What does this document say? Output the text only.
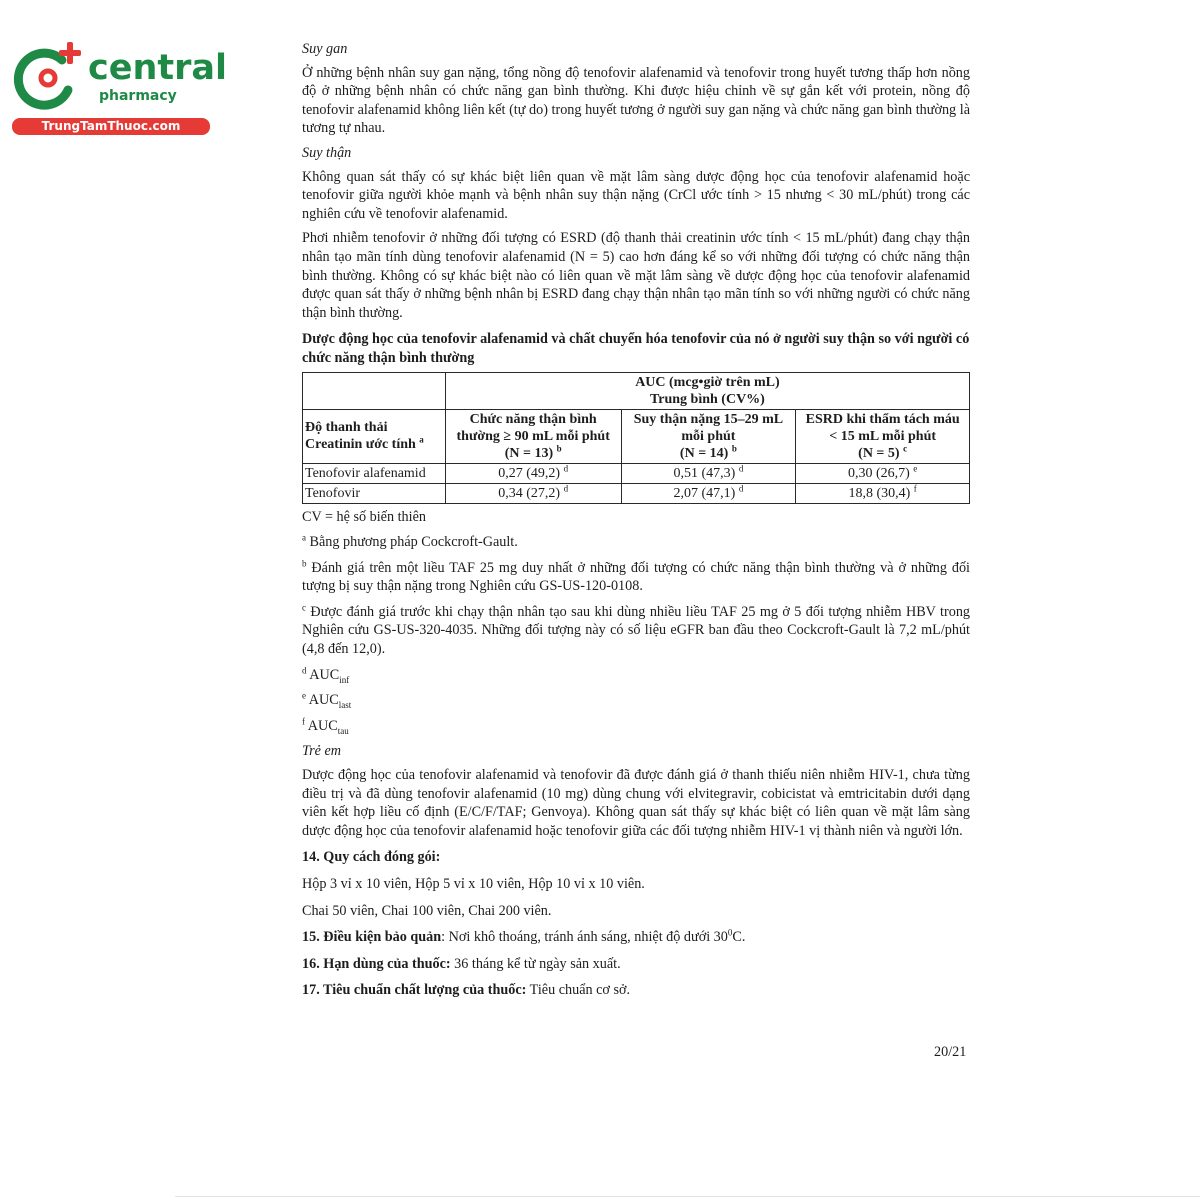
central
pharmacy
TrungTamThuoc.com

Suy gan

Ở những bệnh nhân suy gan nặng, tổng nồng độ tenofovir alafenamid và tenofovir trong huyết tương thấp hơn nồng độ ở những bệnh nhân có chức năng gan bình thường. Khi được hiệu chỉnh về sự gắn kết với protein, nồng độ tenofovir alafenamid không liên kết (tự do) trong huyết tương ở người suy gan nặng và chức năng gan bình thường là tương tự nhau.

Suy thận

Không quan sát thấy có sự khác biệt liên quan về mặt lâm sàng dược động học của tenofovir alafenamid hoặc tenofovir giữa người khỏe mạnh và bệnh nhân suy thận nặng (CrCl ước tính > 15 nhưng < 30 mL/phút) trong các nghiên cứu về tenofovir alafenamid.

Phơi nhiễm tenofovir ở những đối tượng có ESRD (độ thanh thải creatinin ước tính < 15 mL/phút) đang chạy thận nhân tạo mãn tính dùng tenofovir alafenamid (N = 5) cao hơn đáng kể so với những đối tượng có chức năng thận bình thường. Không có sự khác biệt nào có liên quan về mặt lâm sàng về dược động học của tenofovir alafenamid được quan sát thấy ở những bệnh nhân bị ESRD đang chạy thận nhân tạo mãn tính so với những người có chức năng thận bình thường.

Dược động học của tenofovir alafenamid và chất chuyển hóa tenofovir của nó ở người suy thận so với người có chức năng thận bình thường

	AUC (mcg•giờ trên mL)
Trung bình (CV%)		
Độ thanh thải
Creatinin ước tính $^a$	Chức năng thận bình
thường ≥ 90 mL mỗi phút
(N = 13) $^b$	Suy thận nặng 15–29 mL
mỗi phút
(N = 14) $^b$	ESRD khi thẩm tách máu
< 15 mL mỗi phút
(N = 5) $^c$
Tenofovir alafenamid	0,27 (49,2) $^d$	0,51 (47,3) $^d$	0,30 (26,7) $^e$
Tenofovir	0,34 (27,2) $^d$	2,07 (47,1) $^d$	18,8 (30,4) $^f$

CV = hệ số biến thiên

$^a$ Bằng phương pháp Cockcroft-Gault.

$^b$ Đánh giá trên một liều TAF 25 mg duy nhất ở những đối tượng có chức năng thận bình thường và ở những đối tượng bị suy thận nặng trong Nghiên cứu GS-US-120-0108.

$^c$ Được đánh giá trước khi chạy thận nhân tạo sau khi dùng nhiều liều TAF 25 mg ở 5 đối tượng nhiễm HBV trong Nghiên cứu GS-US-320-4035. Những đối tượng này có số liệu eGFR ban đầu theo Cockcroft-Gault là 7,2 mL/phút (4,8 đến 12,0).

$^d$ $AUC_{inf}$

$^e$ $AUC_{last}$

$^f$ $AUC_{tau}$

Trẻ em

Dược động học của tenofovir alafenamid và tenofovir đã được đánh giá ở thanh thiếu niên nhiễm HIV-1, chưa từng điều trị và đã dùng tenofovir alafenamid (10 mg) dùng chung với elvitegravir, cobicistat và emtricitabin dưới dạng viên kết hợp liều cố định (E/C/F/TAF; Genvoya). Không quan sát thấy sự khác biệt có liên quan về mặt lâm sàng dược động học của tenofovir alafenamid hoặc tenofovir giữa các đối tượng nhiễm HIV-1 vị thành niên và người lớn.

14. Quy cách đóng gói:

Hộp 3 vỉ x 10 viên, Hộp 5 vỉ x 10 viên, Hộp 10 vỉ x 10 viên.

Chai 50 viên, Chai 100 viên, Chai 200 viên.

15. Điều kiện bảo quản: Nơi khô thoáng, tránh ánh sáng, nhiệt độ dưới $30^0C$.

16. Hạn dùng của thuốc: 36 tháng kể từ ngày sản xuất.

17. Tiêu chuẩn chất lượng của thuốc: Tiêu chuẩn cơ sở.

20/21
